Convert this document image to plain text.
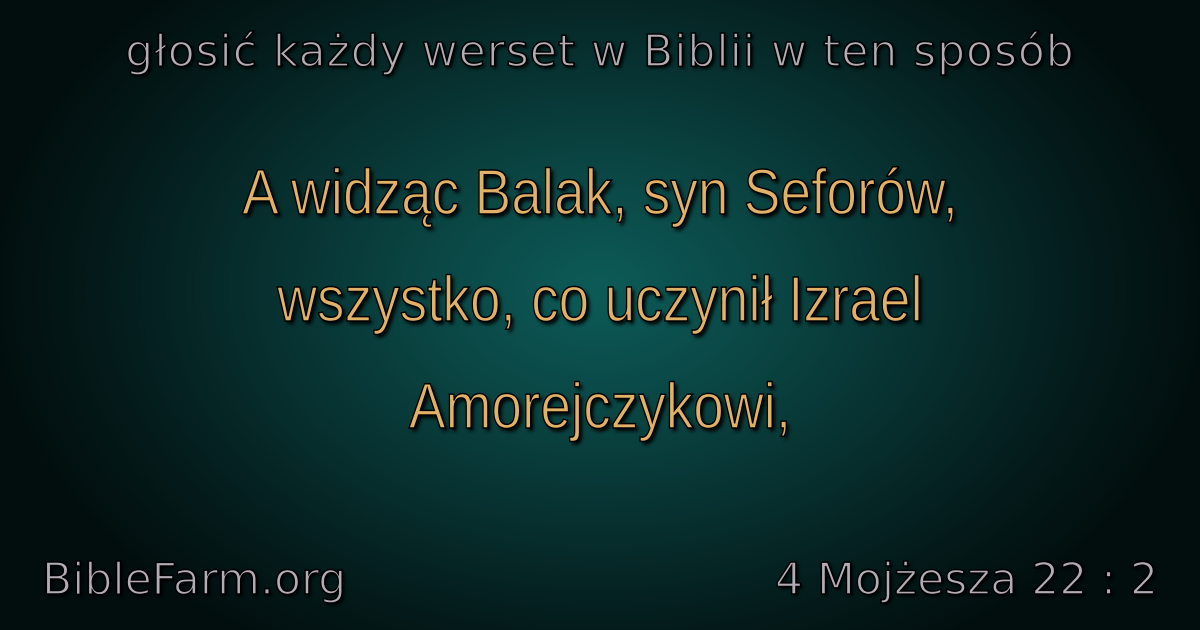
głosić każdy werset w Biblii w ten sposób
A widząc Balak, syn Seforów,
wszystko, co uczynił Izrael
Amorejczykowi,
BibleFarm.org	4 Mojżesza 22 : 2
